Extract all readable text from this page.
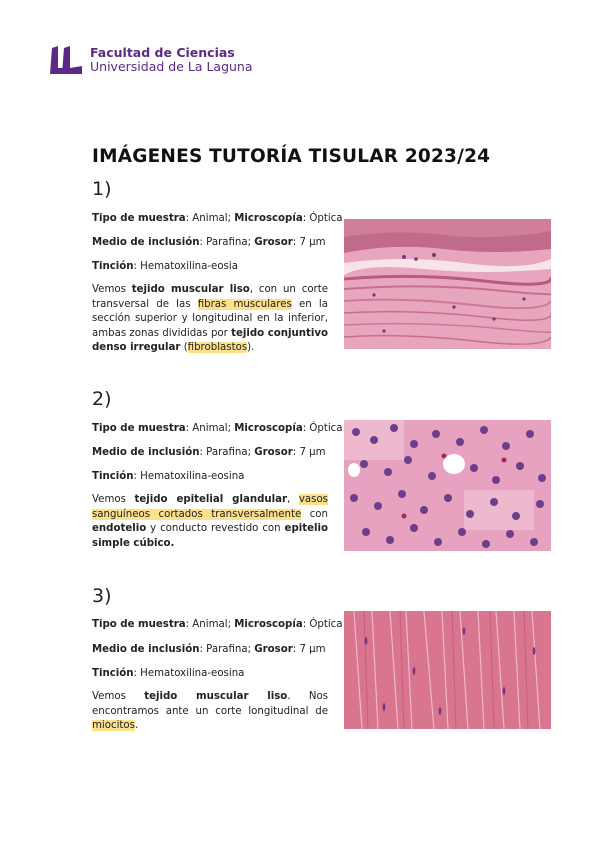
Facultad de Ciencias
Universidad de La Laguna
IMÁGENES TUTORÍA TISULAR 2023/24
1)
Tipo de muestra: Animal; Microscopía: Óptica
Medio de inclusión: Parafina; Grosor: 7 µm
Tinción: Hematoxilina-eosia
Vemos tejido muscular liso, con un corte transversal de las fibras musculares en la sección superior y longitudinal en la inferior, ambas zonas divididas por tejido conjuntivo denso irregular (fibroblastos).
2)
Tipo de muestra: Animal; Microscopía: Óptica
Medio de inclusión: Parafina; Grosor: 7 µm
Tinción: Hematoxilina-eosina
Vemos tejido epitelial glandular, vasos sanguíneos cortados transversalmente con endotelio y conducto revestido con epitelio simple cúbico.
3)
Tipo de muestra: Animal; Microscopía: Óptica
Medio de inclusión: Parafina; Grosor: 7 µm
Tinción: Hematoxilina-eosina
Vemos tejido muscular liso. Nos encontramos ante un corte longitudinal de miocitos.
